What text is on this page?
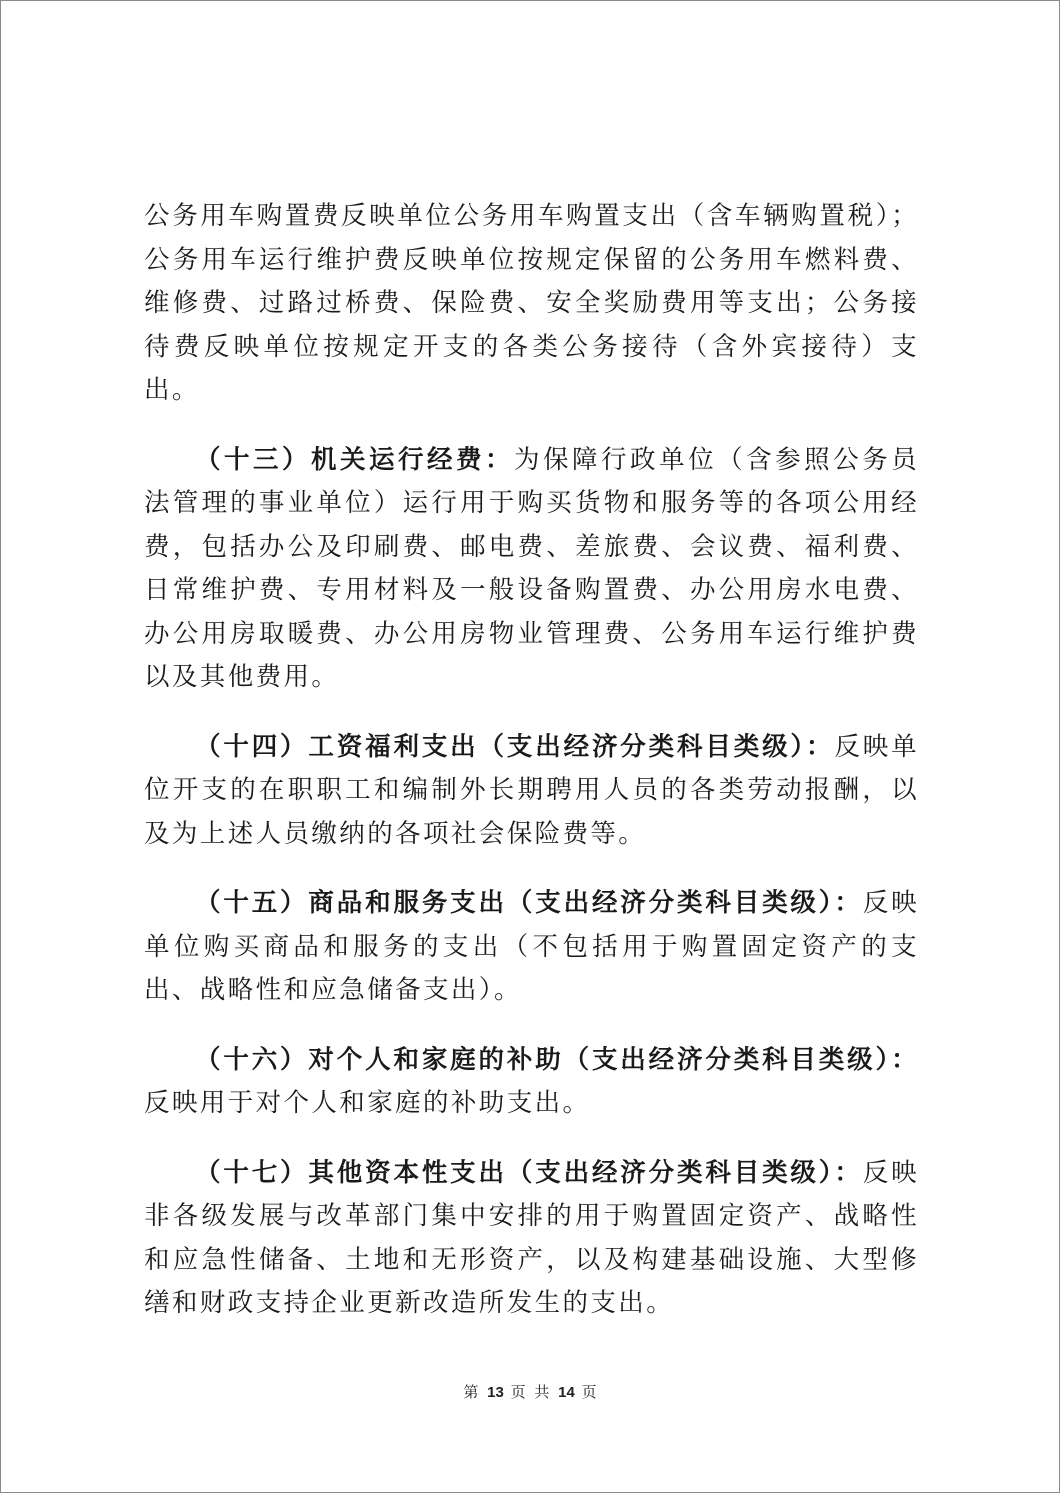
公务用车购置费反映单位公务用车购置支出（含车辆购置税）；公务用车运行维护费反映单位按规定保留的公务用车燃料费、维修费、过路过桥费、保险费、安全奖励费用等支出；公务接待费反映单位按规定开支的各类公务接待（含外宾接待）支出。

（十三）机关运行经费：为保障行政单位（含参照公务员法管理的事业单位）运行用于购买货物和服务等的各项公用经费，包括办公及印刷费、邮电费、差旅费、会议费、福利费、日常维护费、专用材料及一般设备购置费、办公用房水电费、办公用房取暖费、办公用房物业管理费、公务用车运行维护费以及其他费用。

（十四）工资福利支出（支出经济分类科目类级）：反映单位开支的在职职工和编制外长期聘用人员的各类劳动报酬，以及为上述人员缴纳的各项社会保险费等。

（十五）商品和服务支出（支出经济分类科目类级）：反映单位购买商品和服务的支出（不包括用于购置固定资产的支出、战略性和应急储备支出）。

（十六）对个人和家庭的补助（支出经济分类科目类级）：反映用于对个人和家庭的补助支出。

（十七）其他资本性支出（支出经济分类科目类级）：反映非各级发展与改革部门集中安排的用于购置固定资产、战略性和应急性储备、土地和无形资产，以及构建基础设施、大型修缮和财政支持企业更新改造所发生的支出。

第 13 页 共 14 页
